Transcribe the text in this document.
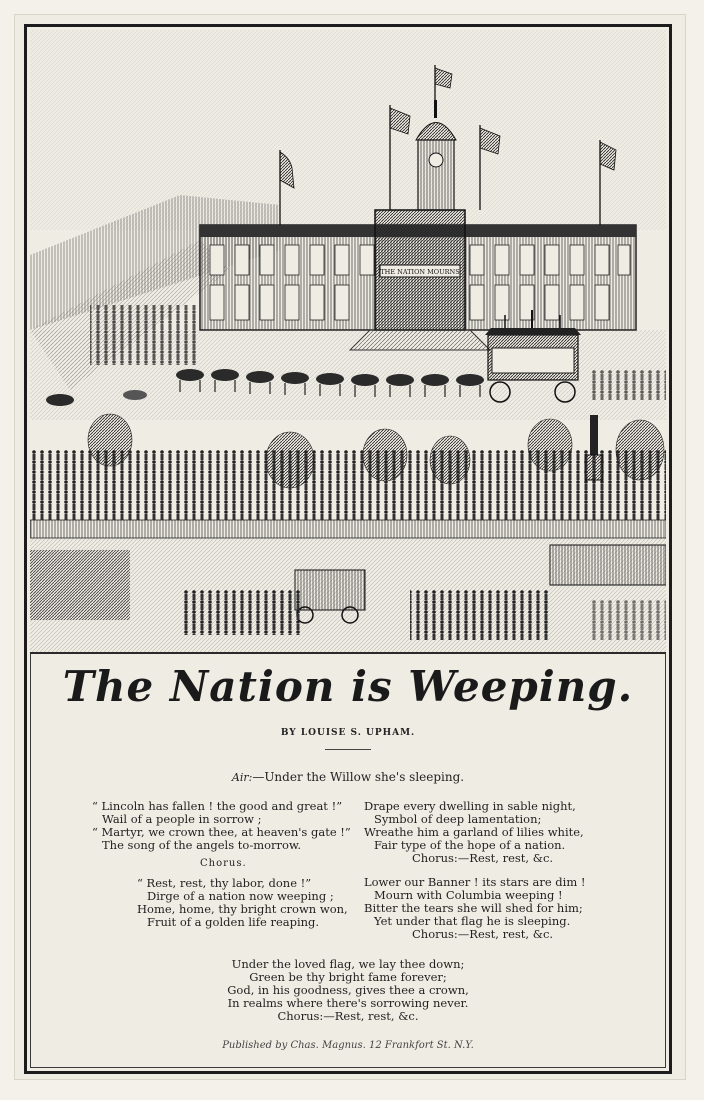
THE NATION MOURNS
The Nation is Weeping.
BY LOUISE S. UPHAM.
Air:—Under the Willow she's sleeping.
“ Lincoln has fallen ! the good and great !”
Wail of a people in sorrow ;
“ Martyr, we crown thee, at heaven's gate !”
The song of the angels to-morrow.
Chorus.
“ Rest, rest, thy labor, done !”
Dirge of a nation now weeping ;
Home, home, thy bright crown won,
Fruit of a golden life reaping.
Drape every dwelling in sable night,
Symbol of deep lamentation;
Wreathe him a garland of lilies white,
Fair type of the hope of a nation.
Chorus:—Rest, rest, &c.
Lower our Banner ! its stars are dim !
Mourn with Columbia weeping !
Bitter the tears she will shed for him;
Yet under that flag he is sleeping.
Chorus:—Rest, rest, &c.
Under the loved flag, we lay thee down;
Green be thy bright fame forever;
God, in his goodness, gives thee a crown,
In realms where there's sorrowing never.
Chorus:—Rest, rest, &c.
Published by Chas. Magnus. 12 Frankfort St. N.Y.
